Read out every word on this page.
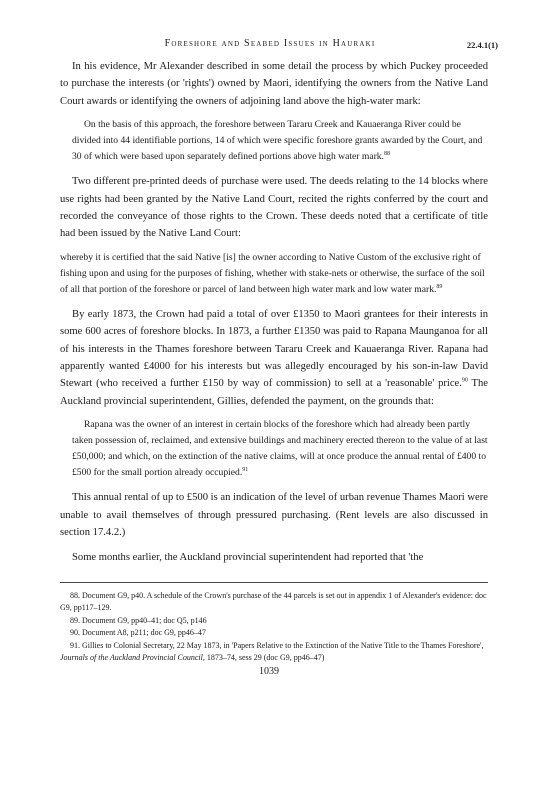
Foreshore and Seabed Issues in Hauraki	22.4.1(1)

In his evidence, Mr Alexander described in some detail the process by which Puckey proceeded to purchase the interests (or 'rights') owned by Maori, identifying the owners from the Native Land Court awards or identifying the owners of adjoining land above the high-water mark:

On the basis of this approach, the foreshore between Tararu Creek and Kauaeranga River could be divided into 44 identifiable portions, 14 of which were specific foreshore grants awarded by the Court, and 30 of which were based upon separately defined portions above high water mark.$^{88}$

Two different pre-printed deeds of purchase were used. The deeds relating to the 14 blocks where use rights had been granted by the Native Land Court, recited the rights conferred by the court and recorded the conveyance of those rights to the Crown. These deeds noted that a certificate of title had been issued by the Native Land Court:

whereby it is certified that the said Native [is] the owner according to Native Custom of the exclusive right of fishing upon and using for the purposes of fishing, whether with stake-nets or otherwise, the surface of the soil of all that portion of the foreshore or parcel of land between high water mark and low water mark.$^{89}$

By early 1873, the Crown had paid a total of over £1350 to Maori grantees for their interests in some 600 acres of foreshore blocks. In 1873, a further £1350 was paid to Rapana Maunganoa for all of his interests in the Thames foreshore between Tararu Creek and Kauaeranga River. Rapana had apparently wanted £4000 for his interests but was allegedly encouraged by his son-in-law David Stewart (who received a further £150 by way of commission) to sell at a 'reasonable' price.$^{90}$ The Auckland provincial superintendent, Gillies, defended the payment, on the grounds that:

Rapana was the owner of an interest in certain blocks of the foreshore which had already been partly taken possession of, reclaimed, and extensive buildings and machinery erected thereon to the value of at last £50,000; and which, on the extinction of the native claims, will at once produce the annual rental of £400 to £500 for the small portion already occupied.$^{91}$

This annual rental of up to £500 is an indication of the level of urban revenue Thames Maori were unable to avail themselves of through pressured purchasing. (Rent levels are also discussed in section 17.4.2.)

Some months earlier, the Auckland provincial superintendent had reported that 'the

88. Document G9, p40. A schedule of the Crown's purchase of the 44 parcels is set out in appendix 1 of Alexander's evidence: doc G9, pp117–129.
89. Document G9, pp40–41; doc Q5, p146
90. Document A8, p211; doc G9, pp46–47
91. Gillies to Colonial Secretary, 22 May 1873, in 'Papers Relative to the Extinction of the Native Title to the Thames Foreshore', Journals of the Auckland Provincial Council, 1873–74, sess 29 (doc G9, pp46–47)
1039
